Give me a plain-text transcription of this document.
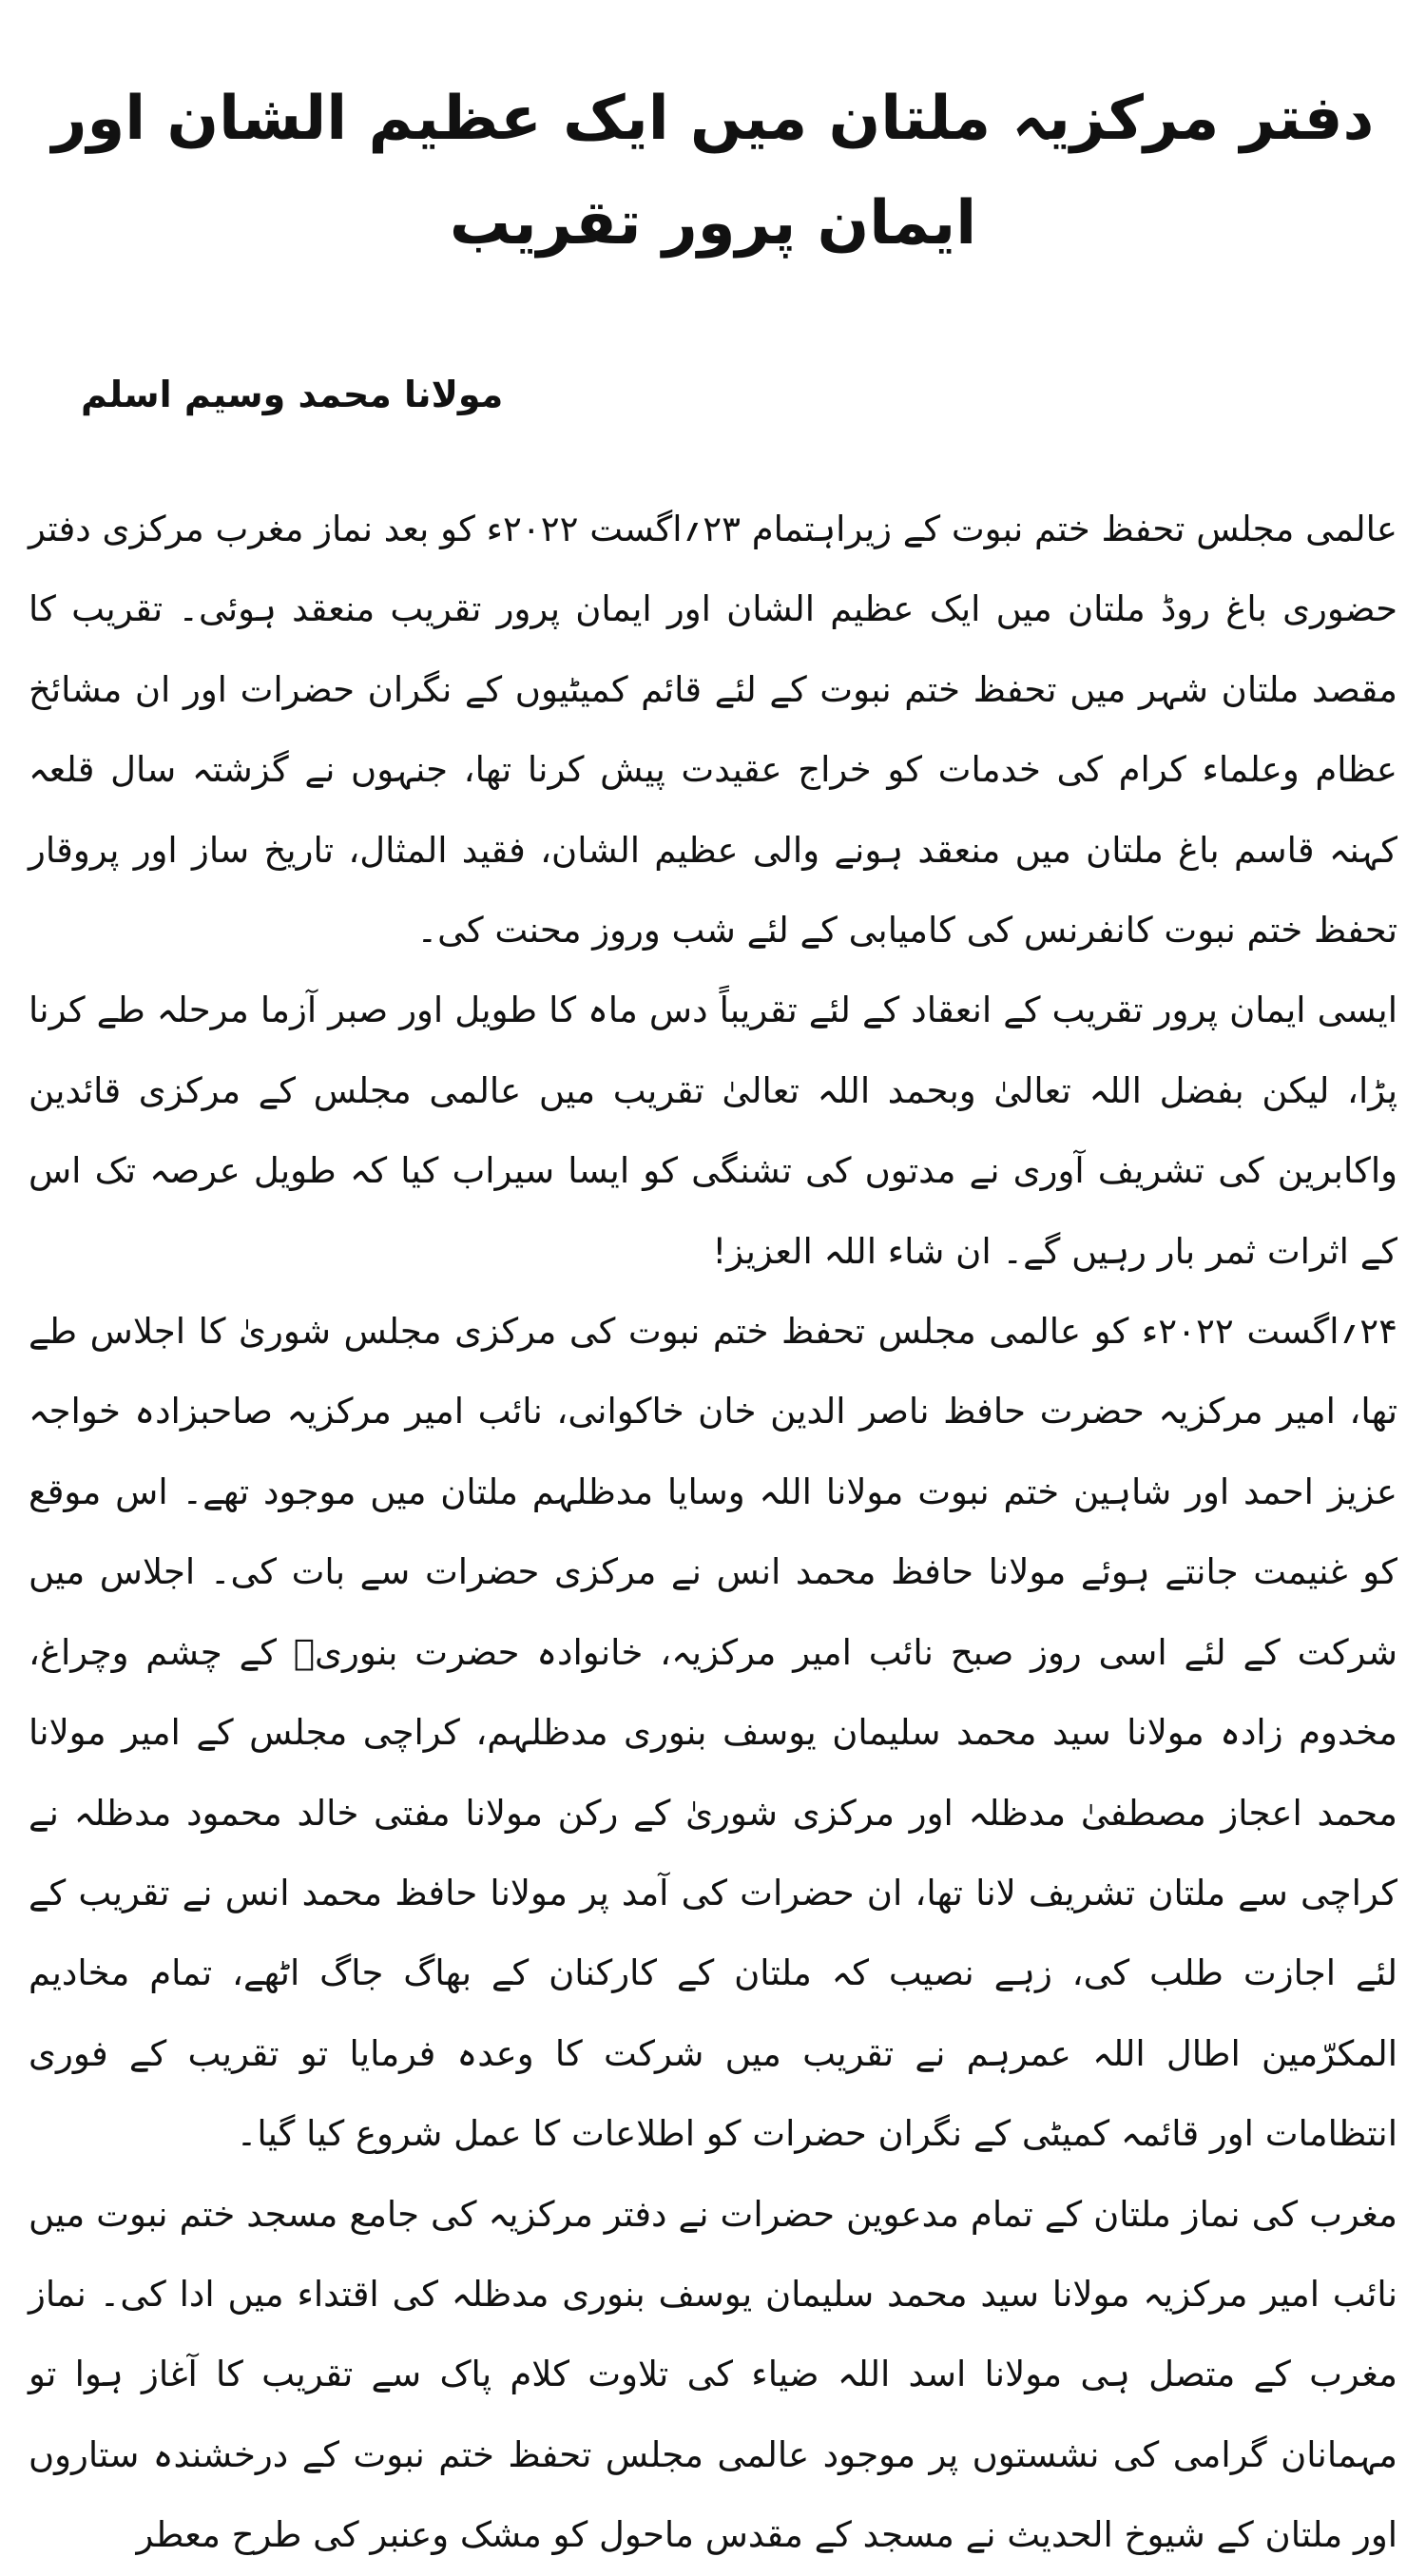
دفتر مرکزیہ ملتان میں ایک عظیم الشان اور ایمان پرور تقریب
مولانا محمد وسیم اسلم

عالمی مجلس تحفظ ختم نبوت کے زیراہتمام ۲۳؍اگست ۲۰۲۲ء کو بعد نماز مغرب مرکزی دفتر حضوری باغ روڈ ملتان میں ایک عظیم الشان اور ایمان پرور تقریب منعقد ہوئی۔ تقریب کا مقصد ملتان شہر میں تحفظ ختم نبوت کے لئے قائم کمیٹیوں کے نگران حضرات اور ان مشائخ عظام وعلماء کرام کی خدمات کو خراج عقیدت پیش کرنا تھا، جنہوں نے گزشتہ سال قلعہ کہنہ قاسم باغ ملتان میں منعقد ہونے والی عظیم الشان، فقید المثال، تاریخ ساز اور پروقار تحفظ ختم نبوت کانفرنس کی کامیابی کے لئے شب وروز محنت کی۔

ایسی ایمان پرور تقریب کے انعقاد کے لئے تقریباً دس ماہ کا طویل اور صبر آزما مرحلہ طے کرنا پڑا، لیکن بفضل اللہ تعالیٰ وبحمد اللہ تعالیٰ تقریب میں عالمی مجلس کے مرکزی قائدین واکابرین کی تشریف آوری نے مدتوں کی تشنگی کو ایسا سیراب کیا کہ طویل عرصہ تک اس کے اثرات ثمر بار رہیں گے۔ ان شاء اللہ العزیز!

۲۴؍اگست ۲۰۲۲ء کو عالمی مجلس تحفظ ختم نبوت کی مرکزی مجلس شوریٰ کا اجلاس طے تھا، امیر مرکزیہ حضرت حافظ ناصر الدین خان خاکوانی، نائب امیر مرکزیہ صاحبزادہ خواجہ عزیز احمد اور شاہین ختم نبوت مولانا اللہ وسایا مدظلہم ملتان میں موجود تھے۔ اس موقع کو غنیمت جانتے ہوئے مولانا حافظ محمد انس نے مرکزی حضرات سے بات کی۔ اجلاس میں شرکت کے لئے اسی روز صبح نائب امیر مرکزیہ، خانوادہ حضرت بنوریؒ کے چشم وچراغ، مخدوم زادہ مولانا سید محمد سلیمان یوسف بنوری مدظلہم، کراچی مجلس کے امیر مولانا محمد اعجاز مصطفیٰ مدظلہ اور مرکزی شوریٰ کے رکن مولانا مفتی خالد محمود مدظلہ نے کراچی سے ملتان تشریف لانا تھا، ان حضرات کی آمد پر مولانا حافظ محمد انس نے تقریب کے لئے اجازت طلب کی، زہے نصیب کہ ملتان کے کارکنان کے بھاگ جاگ اٹھے، تمام مخادیم المکرّمین اطال اللہ عمرہم نے تقریب میں شرکت کا وعدہ فرمایا تو تقریب کے فوری انتظامات اور قائمہ کمیٹی کے نگران حضرات کو اطلاعات کا عمل شروع کیا گیا۔

مغرب کی نماز ملتان کے تمام مدعوین حضرات نے دفتر مرکزیہ کی جامع مسجد ختم نبوت میں نائب امیر مرکزیہ مولانا سید محمد سلیمان یوسف بنوری مدظلہ کی اقتداء میں ادا کی۔ نماز مغرب کے متصل ہی مولانا اسد اللہ ضیاء کی تلاوت کلام پاک سے تقریب کا آغاز ہوا تو مہمانان گرامی کی نشستوں پر موجود عالمی مجلس تحفظ ختم نبوت کے درخشندہ ستاروں اور ملتان کے شیوخ الحدیث نے مسجد کے مقدس ماحول کو مشک وعنبر کی طرح معطر
